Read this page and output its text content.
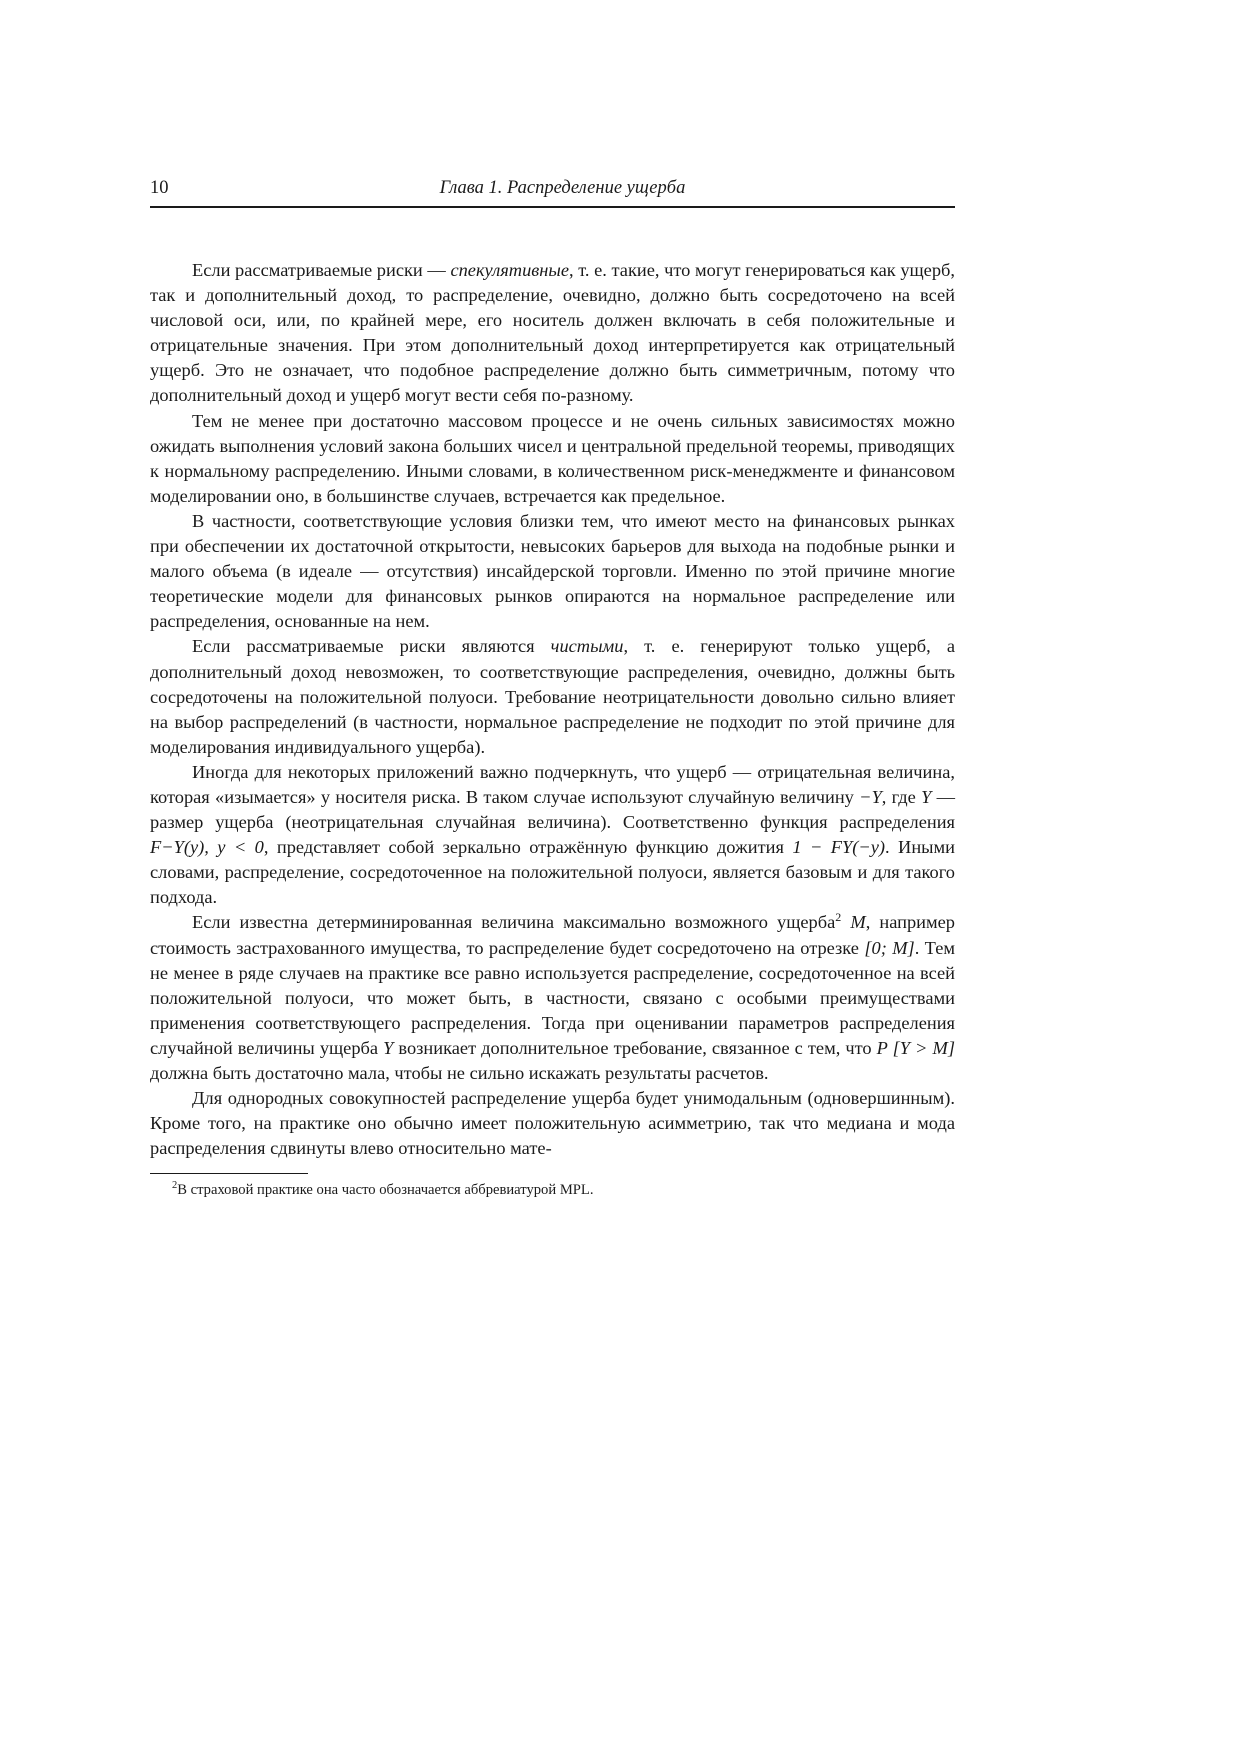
10	Глава 1. Распределение ущерба

Если рассматриваемые риски — спекулятивные, т. е. такие, что могут генерироваться как ущерб, так и дополнительный доход, то распределение, очевидно, должно быть сосредоточено на всей числовой оси, или, по крайней мере, его носитель должен включать в себя положительные и отрицательные значения. При этом дополнительный доход интерпретируется как отрицательный ущерб. Это не означает, что подобное распределение должно быть симметричным, потому что дополнительный доход и ущерб могут вести себя по-разному.

Тем не менее при достаточно массовом процессе и не очень сильных зависимостях можно ожидать выполнения условий закона больших чисел и центральной предельной теоремы, приводящих к нормальному распределению. Иными словами, в количественном риск-менеджменте и финансовом моделировании оно, в большинстве случаев, встречается как предельное.

В частности, соответствующие условия близки тем, что имеют место на финансовых рынках при обеспечении их достаточной открытости, невысоких барьеров для выхода на подобные рынки и малого объема (в идеале — отсутствия) инсайдерской торговли. Именно по этой причине многие теоретические модели для финансовых рынков опираются на нормальное распределение или распределения, основанные на нем.

Если рассматриваемые риски являются чистыми, т. е. генерируют только ущерб, а дополнительный доход невозможен, то соответствующие распределения, очевидно, должны быть сосредоточены на положительной полуоси. Требование неотрицательности довольно сильно влияет на выбор распределений (в частности, нормальное распределение не подходит по этой причине для моделирования индивидуального ущерба).

Иногда для некоторых приложений важно подчеркнуть, что ущерб — отрицательная величина, которая «изымается» у носителя риска. В таком случае используют случайную величину −Y, где Y — размер ущерба (неотрицательная случайная величина). Соответственно функция распределения F−Y(y), y < 0, представляет собой зеркально отражённую функцию дожития 1 − FY(−y). Иными словами, распределение, сосредоточенное на положительной полуоси, является базовым и для такого подхода.

Если известна детерминированная величина максимально возможного ущерба$^2$ M, например стоимость застрахованного имущества, то распределение будет сосредоточено на отрезке [0; M]. Тем не менее в ряде случаев на практике все равно используется распределение, сосредоточенное на всей положительной полуоси, что может быть, в частности, связано с особыми преимуществами применения соответствующего распределения. Тогда при оценивании параметров распределения случайной величины ущерба Y возникает дополнительное требование, связанное с тем, что P [Y > M] должна быть достаточно мала, чтобы не сильно искажать результаты расчетов.

Для однородных совокупностей распределение ущерба будет унимодальным (одновершинным). Кроме того, на практике оно обычно имеет положительную асимметрию, так что медиана и мода распределения сдвинуты влево относительно мате-

$^2$В страховой практике она часто обозначается аббревиатурой MPL.
